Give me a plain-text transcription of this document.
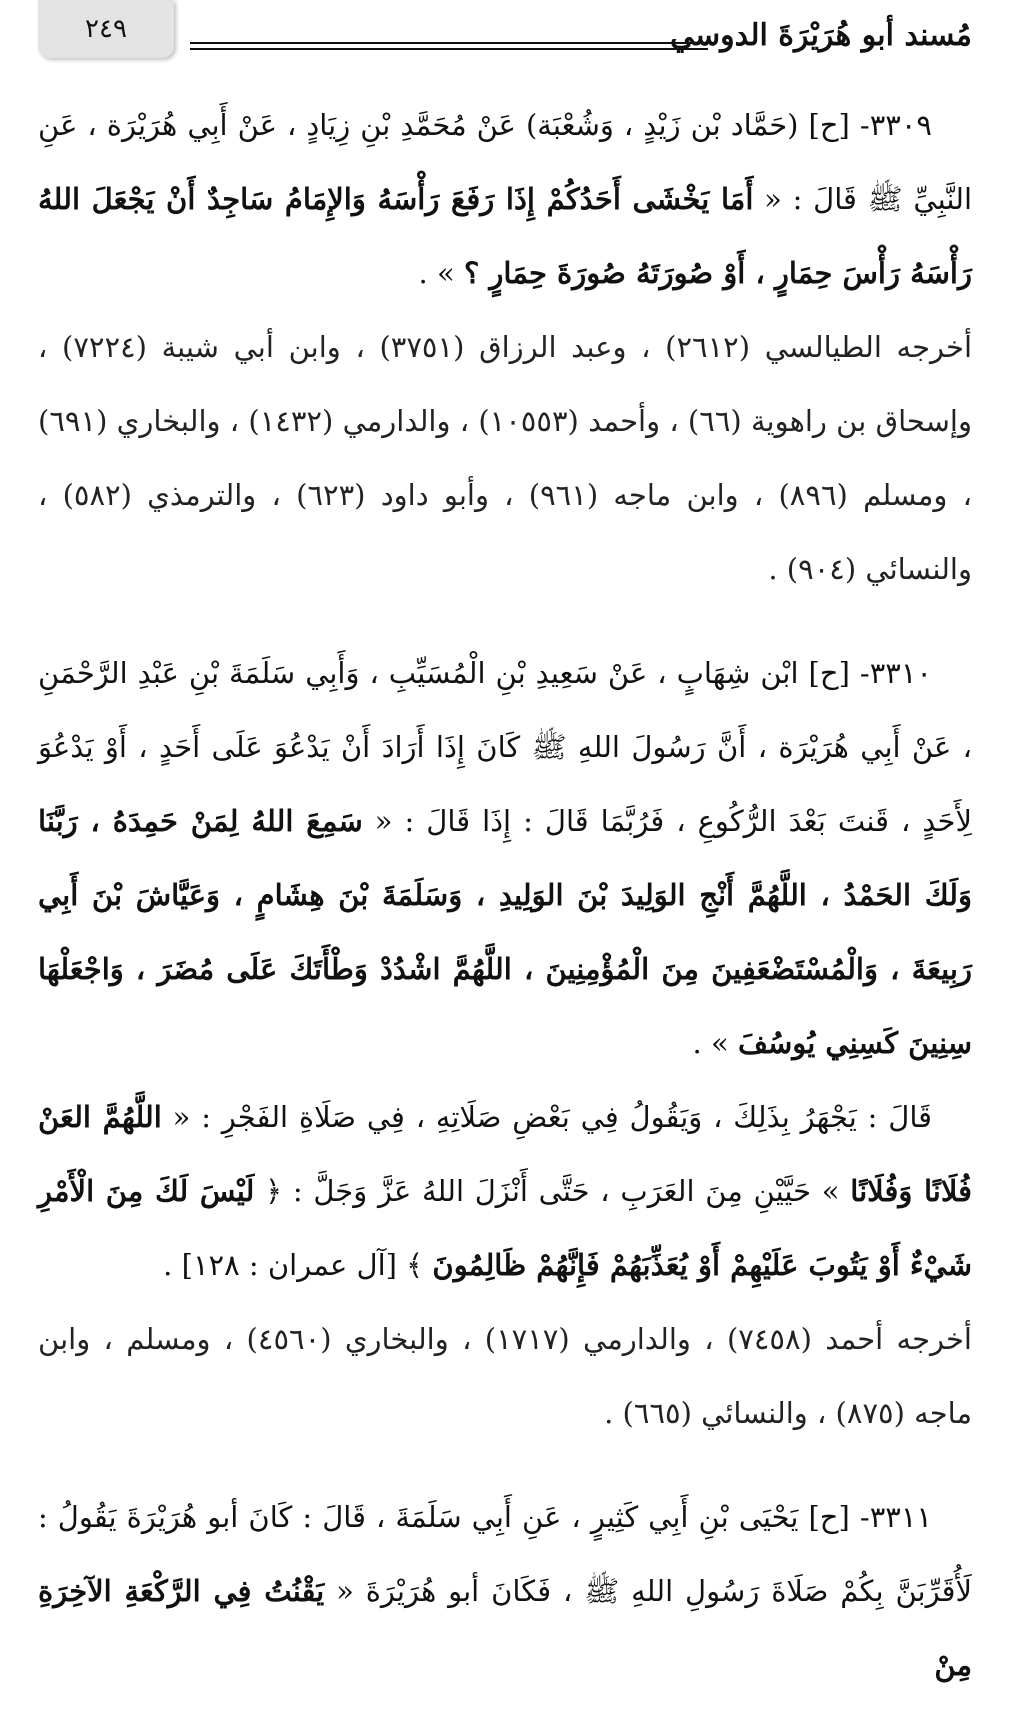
مُسند أبو هُرَيْرَةَ الدوسي
٢٤٩

٣٣٠٩- [ح] (حَمَّاد بْن زَيْدٍ ، وَشُعْبَة) عَنْ مُحَمَّدِ بْنِ زِيَادٍ ، عَنْ أَبِي هُرَيْرَة ، عَنِ النَّبِيِّ ﷺ قَالَ : « أَمَا يَخْشَى أَحَدُكُمْ إِذَا رَفَعَ رَأْسَهُ وَالإِمَامُ سَاجِدٌ أَنْ يَجْعَلَ اللهُ رَأْسَهُ رَأْسَ حِمَارٍ ، أَوْ صُورَتَهُ صُورَةَ حِمَارٍ ؟ » .

أخرجه الطيالسي (٢٦١٢) ، وعبد الرزاق (٣٧٥١) ، وابن أبي شيبة (٧٢٢٤) ، وإسحاق بن راهوية (٦٦) ، وأحمد (١٠٥٥٣) ، والدارمي (١٤٣٢) ، والبخاري (٦٩١) ، ومسلم (٨٩٦) ، وابن ماجه (٩٦١) ، وأبو داود (٦٢٣) ، والترمذي (٥٨٢) ، والنسائي (٩٠٤) .

٣٣١٠- [ح] ابْن شِهَابٍ ، عَنْ سَعِيدِ بْنِ الْمُسَيِّبِ ، وَأَبِي سَلَمَةَ بْنِ عَبْدِ الرَّحْمَنِ ، عَنْ أَبِي هُرَيْرَة ، أَنَّ رَسُولَ اللهِ ﷺ كَانَ إِذَا أَرَادَ أَنْ يَدْعُوَ عَلَى أَحَدٍ ، أَوْ يَدْعُوَ لِأَحَدٍ ، قَنتَ بَعْدَ الرُّكُوعِ ، فَرُبَّمَا قَالَ : إِذَا قَالَ : « سَمِعَ اللهُ لِمَنْ حَمِدَهُ ، رَبَّنَا وَلَكَ الحَمْدُ ، اللَّهُمَّ أَنْجِ الوَلِيدَ بْنَ الوَلِيدِ ، وَسَلَمَةَ بْنَ هِشَامٍ ، وَعَيَّاشَ بْنَ أَبِي رَبِيعَةَ ، وَالْمُسْتَضْعَفِينَ مِنَ الْمُؤْمِنِينَ ، اللَّهُمَّ اشْدُدْ وَطْأَتَكَ عَلَى مُضَرَ ، وَاجْعَلْهَا سِنِينَ كَسِنِي يُوسُفَ » .

قَالَ : يَجْهَرُ بِذَلِكَ ، وَيَقُولُ فِي بَعْضِ صَلَاتِهِ ، فِي صَلَاةِ الفَجْرِ : « اللَّهُمَّ العَنْ فُلَانًا وَفُلَانًا » حَيَّيْنِ مِنَ العَرَبِ ، حَتَّى أَنْزَلَ اللهُ عَزَّ وَجَلَّ : ﴿ لَيْسَ لَكَ مِنَ الْأَمْرِ شَيْءٌ أَوْ يَتُوبَ عَلَيْهِمْ أَوْ يُعَذِّبَهُمْ فَإِنَّهُمْ ظَالِمُونَ ﴾ [آل عمران : ١٢٨] .

أخرجه أحمد (٧٤٥٨) ، والدارمي (١٧١٧) ، والبخاري (٤٥٦٠) ، ومسلم ، وابن ماجه (٨٧٥) ، والنسائي (٦٦٥) .

٣٣١١- [ح] يَحْيَى بْنِ أَبِي كَثِيرٍ ، عَنِ أَبِي سَلَمَةَ ، قَالَ : كَانَ أبو هُرَيْرَةَ يَقُولُ : لَأُقَرِّبَنَّ بِكُمْ صَلَاةَ رَسُولِ اللهِ ﷺ ، فَكَانَ أبو هُرَيْرَةَ « يَقْنُتُ فِي الرَّكْعَةِ الآخِرَةِ مِنْ
